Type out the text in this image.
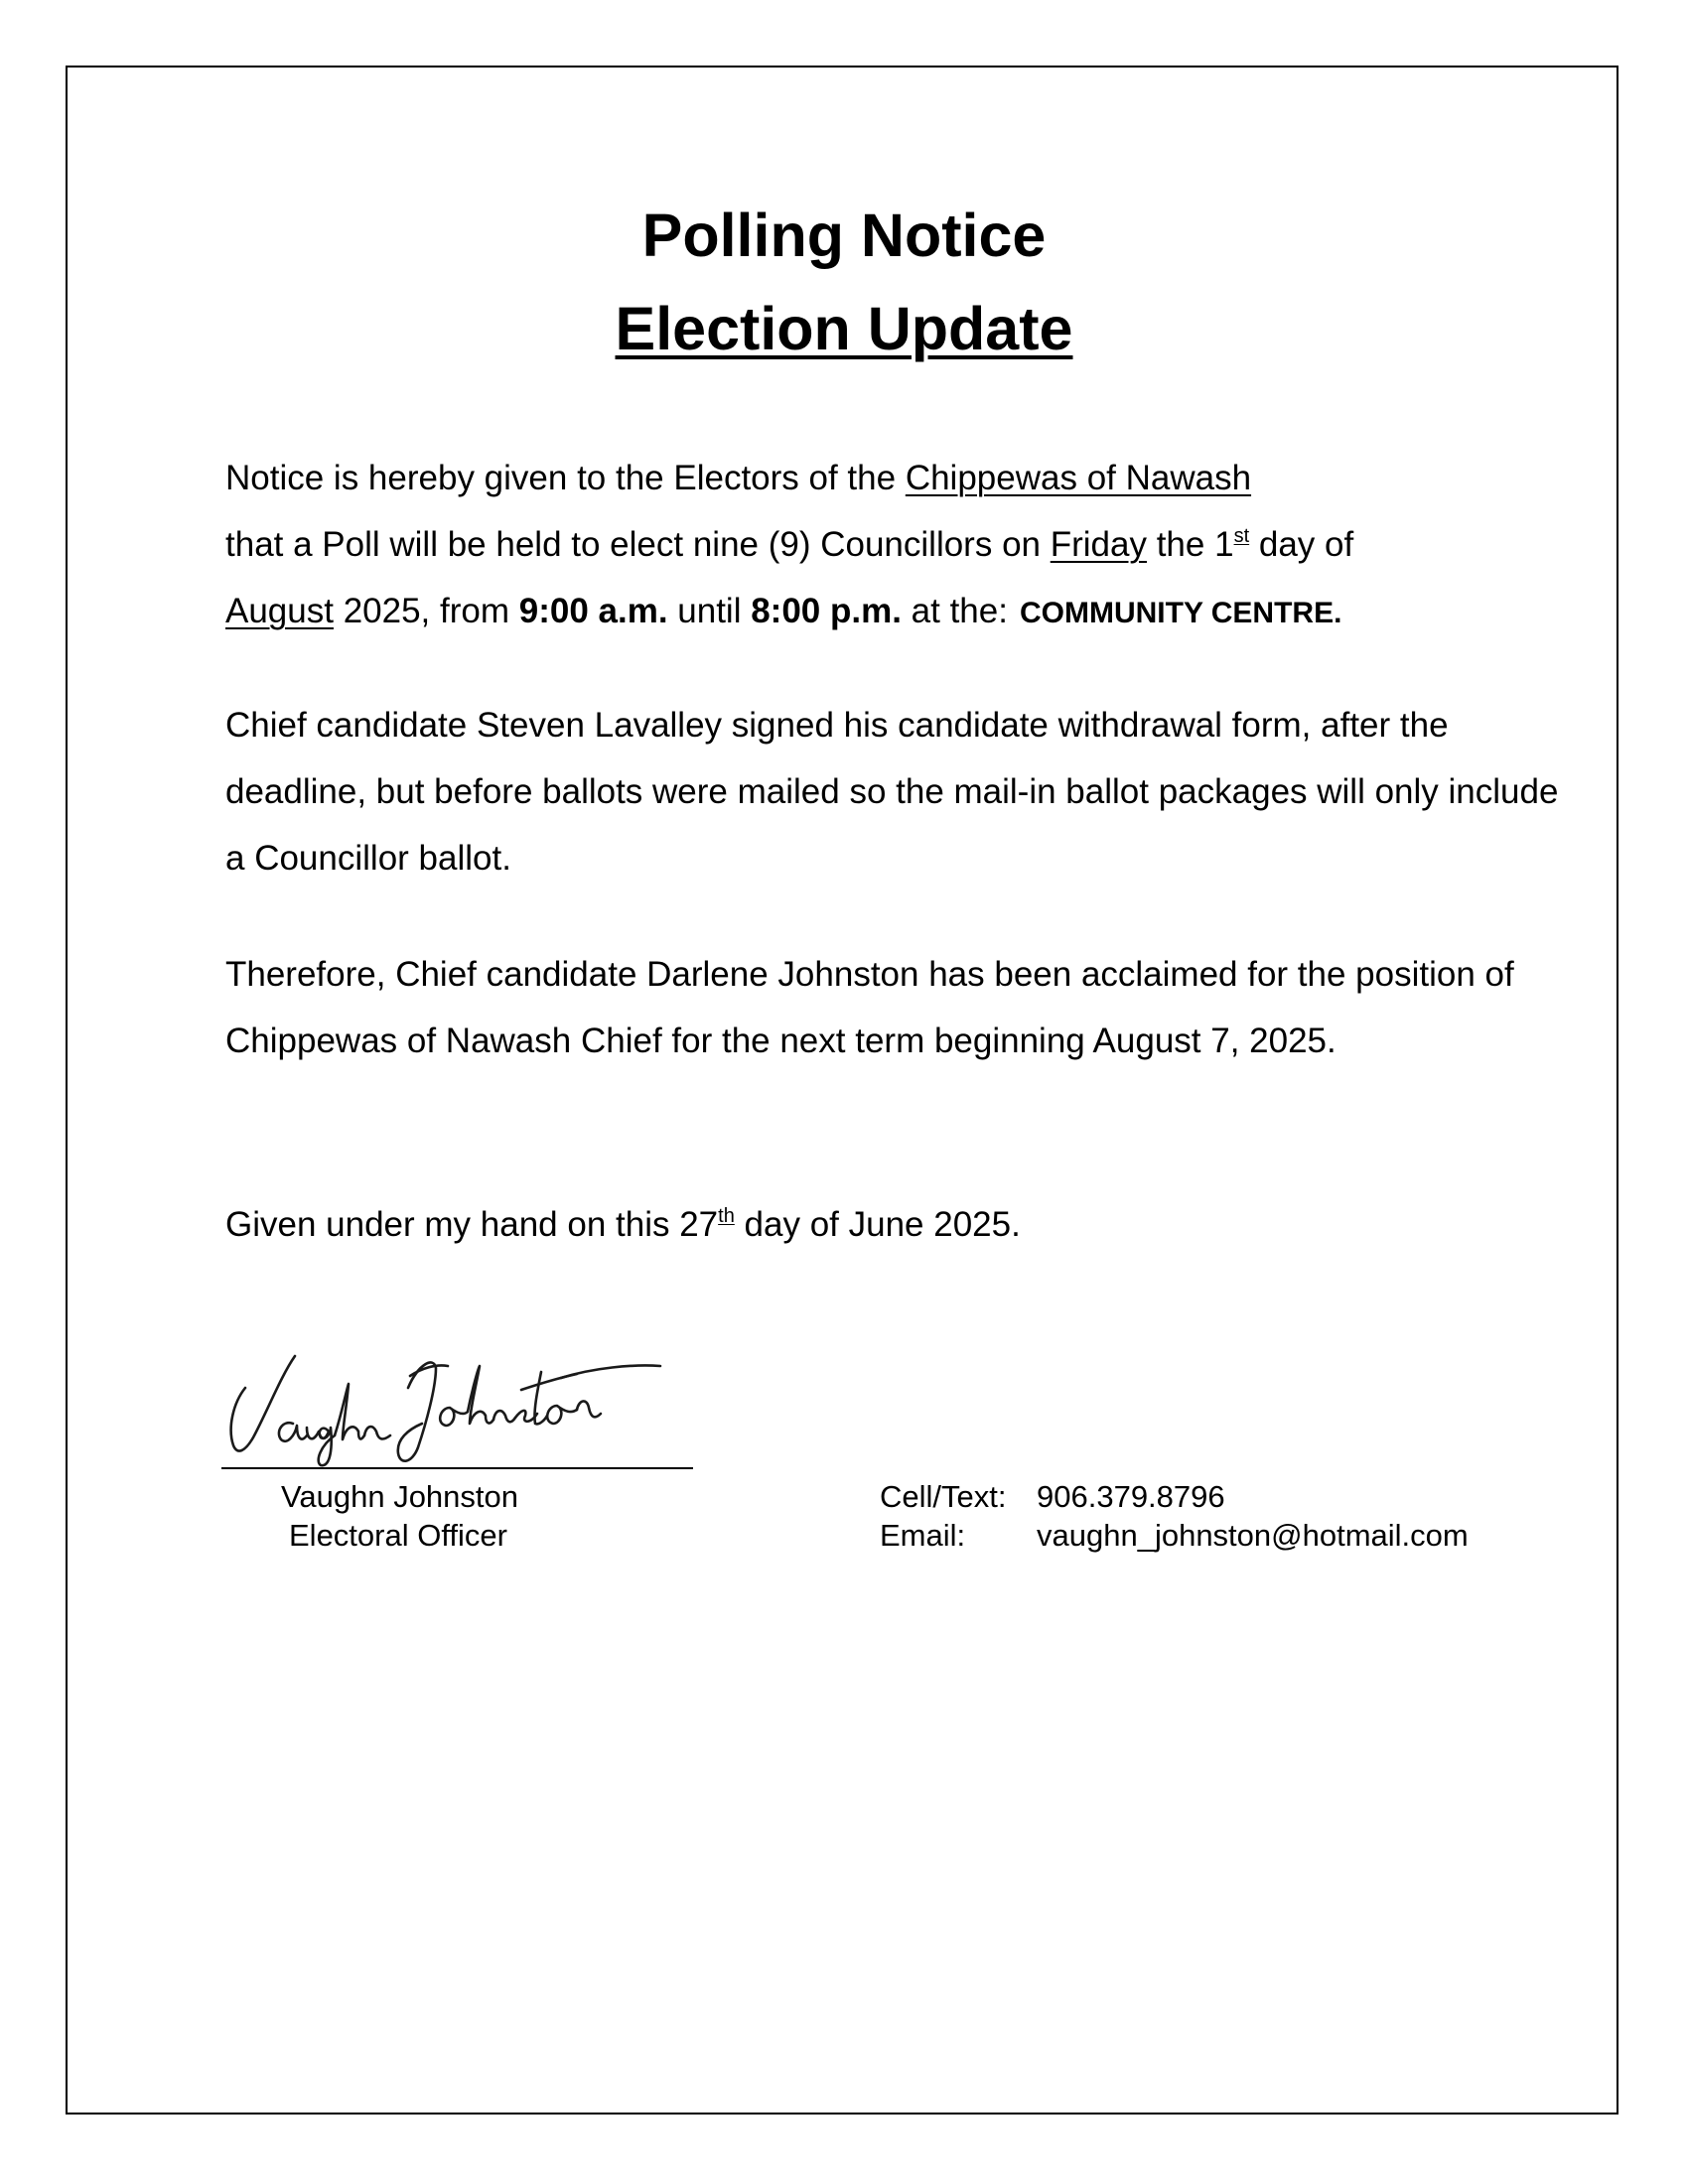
Polling Notice
Election Update

Notice is hereby given to the Electors of the Chippewas of Nawash
that a Poll will be held to elect nine (9) Councillors on Friday the 1st day of
August 2025, from 9:00 a.m. until 8:00 p.m. at the: COMMUNITY CENTRE.

Chief candidate Steven Lavalley signed his candidate withdrawal form, after the deadline, but before ballots were mailed so the mail-in ballot packages will only include a Councillor ballot.

Therefore, Chief candidate Darlene Johnston has been acclaimed for the position of Chippewas of Nawash Chief for the next term beginning August 7, 2025.

Given under my hand on this 27th day of June 2025.

Vaughn Johnston
Electoral Officer
Cell/Text: 906.379.8796
Email: vaughn_johnston@hotmail.com
